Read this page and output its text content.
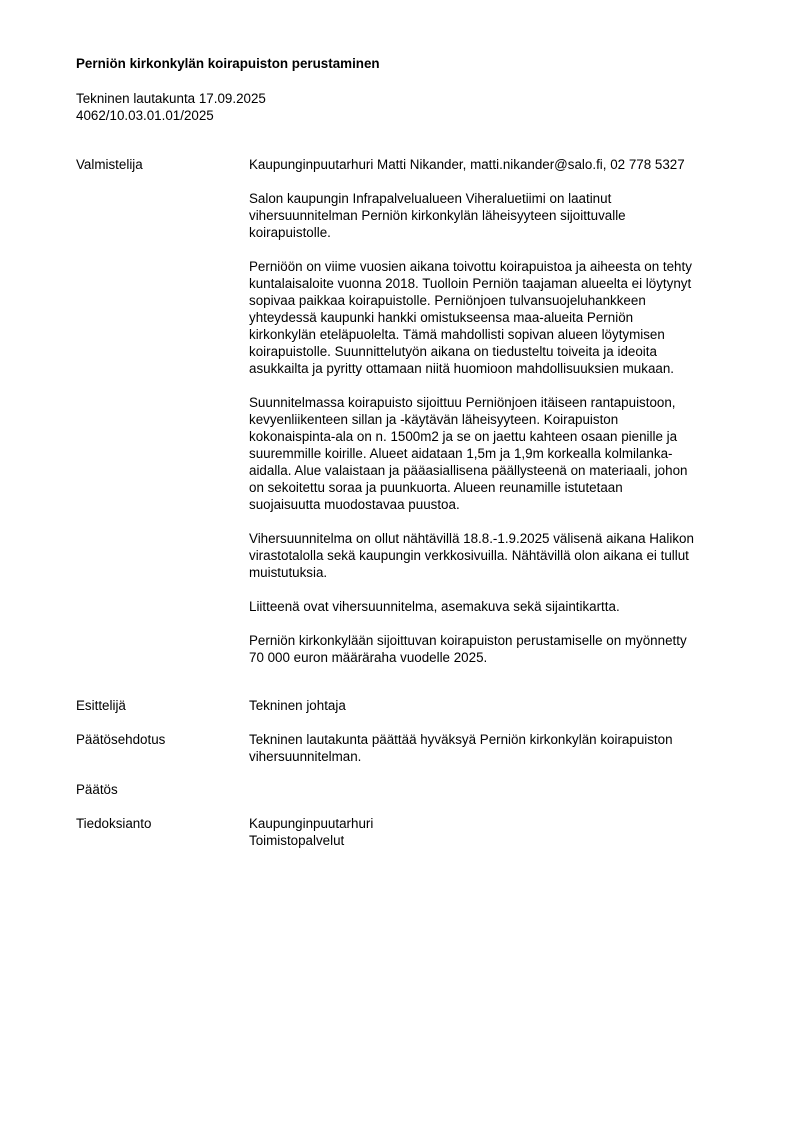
Perniön kirkonkylän koirapuiston perustaminen
Tekninen lautakunta 17.09.2025
4062/10.03.01.01/2025
Valmistelija	Kaupunginpuutarhuri Matti Nikander, matti.nikander@salo.fi, 02 778 5327

Salon kaupungin Infrapalvelualueen Viheraluetiimi on laatinut
vihersuunnitelman Perniön kirkonkylän läheisyyteen sijoittuvalle
koirapuistolle.

Perniöön on viime vuosien aikana toivottu koirapuistoa ja aiheesta on tehty
kuntalaisaloite vuonna 2018. Tuolloin Perniön taajaman alueelta ei löytynyt
sopivaa paikkaa koirapuistolle. Perniönjoen tulvansuojeluhankkeen
yhteydessä kaupunki hankki omistukseensa maa-alueita Perniön
kirkonkylän eteläpuolelta. Tämä mahdollisti sopivan alueen löytymisen
koirapuistolle. Suunnittelutyön aikana on tiedusteltu toiveita ja ideoita
asukkailta ja pyritty ottamaan niitä huomioon mahdollisuuksien mukaan.

Suunnitelmassa koirapuisto sijoittuu Perniönjoen itäiseen rantapuistoon,
kevyenliikenteen sillan ja -käytävän läheisyyteen. Koirapuiston
kokonaispinta-ala on n. 1500m2 ja se on jaettu kahteen osaan pienille ja
suuremmille koirille. Alueet aidataan 1,5m ja 1,9m korkealla kolmilanka-
aidalla. Alue valaistaan ja pääasiallisena päällysteenä on materiaali, johon
on sekoitettu soraa ja puunkuorta. Alueen reunamille istutetaan
suojaisuutta muodostavaa puustoa.

Vihersuunnitelma on ollut nähtävillä 18.8.-1.9.2025 välisenä aikana Halikon
virastotalolla sekä kaupungin verkkosivuilla. Nähtävillä olon aikana ei tullut
muistutuksia.

Liitteenä ovat vihersuunnitelma, asemakuva sekä sijaintikartta.

Perniön kirkonkylään sijoittuvan koirapuiston perustamiselle on myönnetty
70 000 euron määräraha vuodelle 2025.

Esittelijä	Tekninen johtaja
Päätösehdotus	Tekninen lautakunta päättää hyväksyä Perniön kirkonkylän koirapuiston
vihersuunnitelman.
Päätös
Tiedoksianto	Kaupunginpuutarhuri
Toimistopalvelut
